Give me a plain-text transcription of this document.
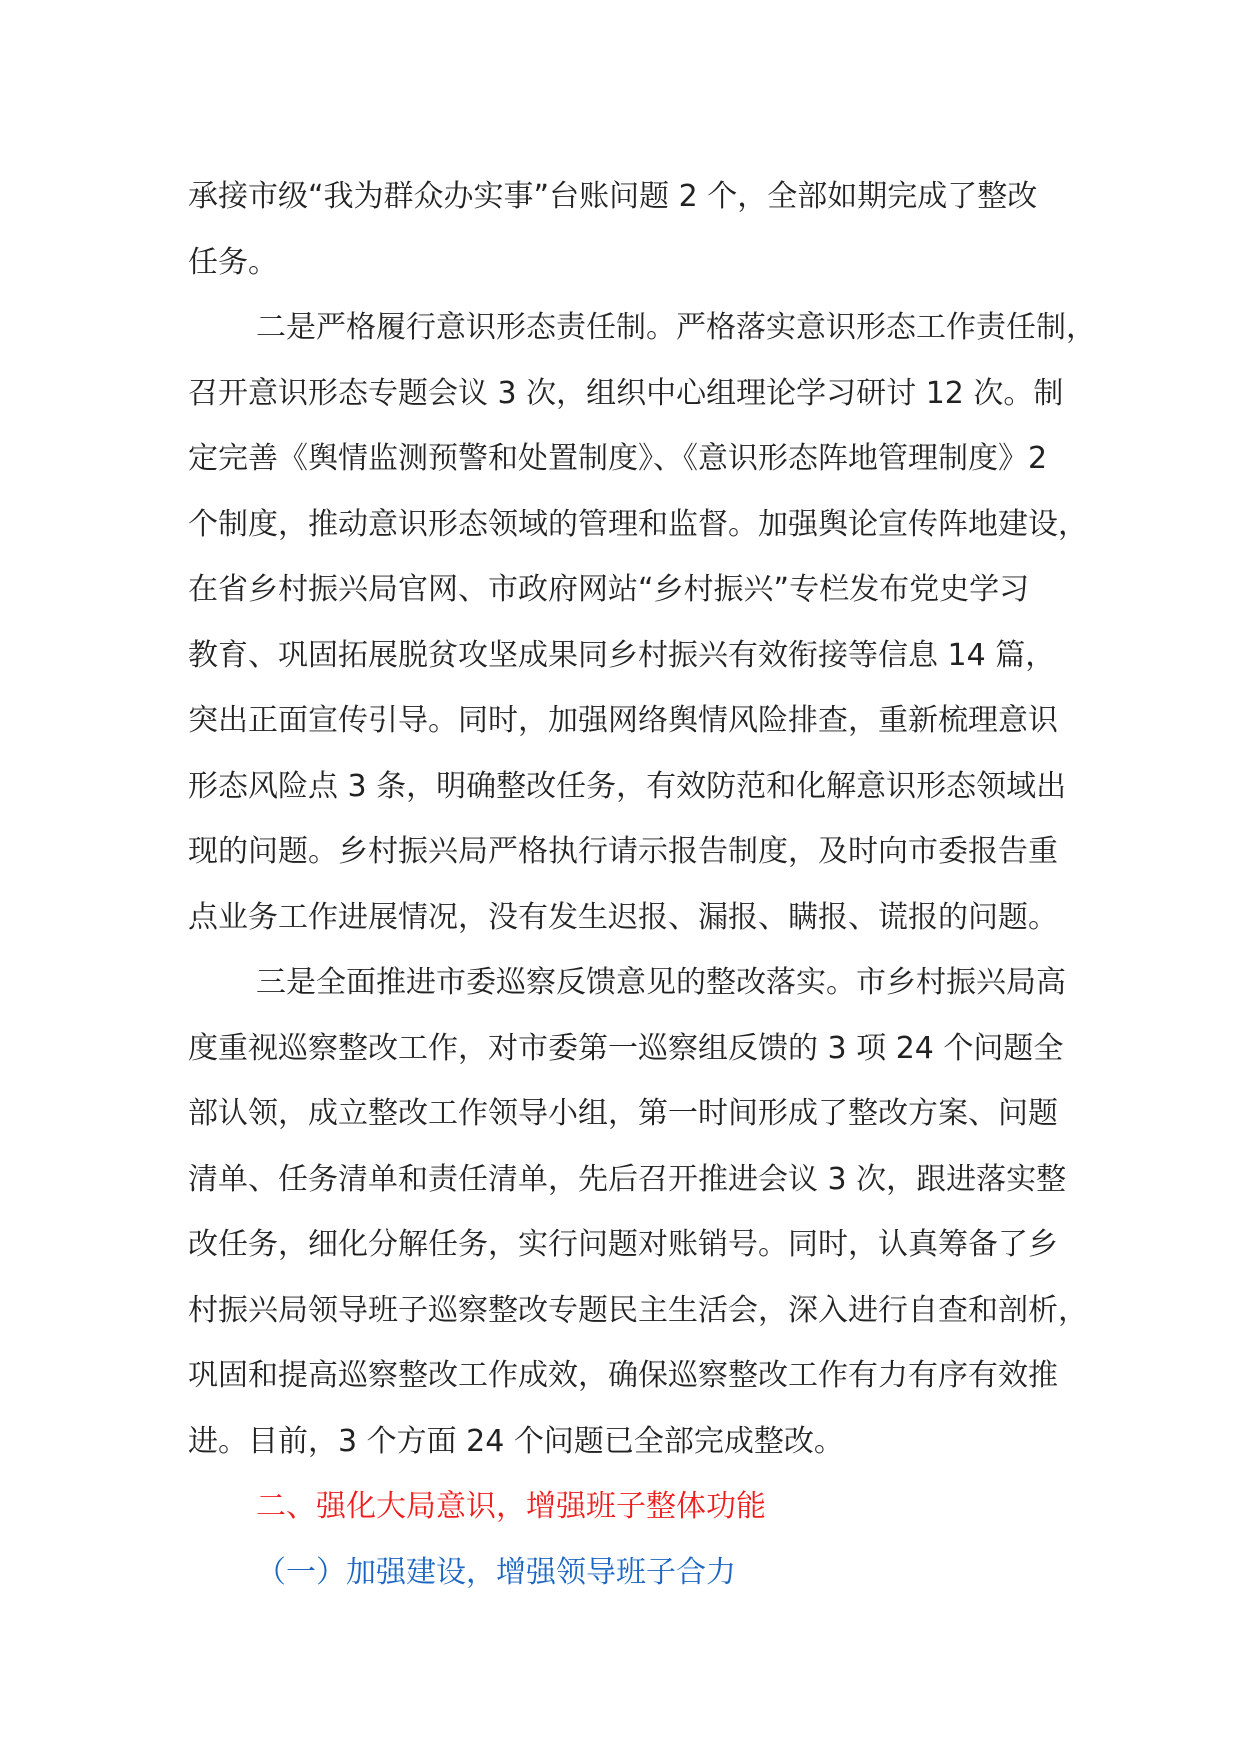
承接市级“我为群众办实事”台账问题 2 个，全部如期完成了整改
任务。
二是严格履行意识形态责任制。严格落实意识形态工作责任制，
召开意识形态专题会议 3 次，组织中心组理论学习研讨 12 次。制
定完善《舆情监测预警和处置制度》、《意识形态阵地管理制度》2
个制度，推动意识形态领域的管理和监督。加强舆论宣传阵地建设，
在省乡村振兴局官网、市政府网站“乡村振兴”专栏发布党史学习
教育、巩固拓展脱贫攻坚成果同乡村振兴有效衔接等信息 14 篇，
突出正面宣传引导。同时，加强网络舆情风险排查，重新梳理意识
形态风险点 3 条，明确整改任务，有效防范和化解意识形态领域出
现的问题。乡村振兴局严格执行请示报告制度，及时向市委报告重
点业务工作进展情况，没有发生迟报、漏报、瞒报、谎报的问题。
三是全面推进市委巡察反馈意见的整改落实。市乡村振兴局高
度重视巡察整改工作，对市委第一巡察组反馈的 3 项 24 个问题全
部认领，成立整改工作领导小组，第一时间形成了整改方案、问题
清单、任务清单和责任清单，先后召开推进会议 3 次，跟进落实整
改任务，细化分解任务，实行问题对账销号。同时，认真筹备了乡
村振兴局领导班子巡察整改专题民主生活会，深入进行自查和剖析，
巩固和提高巡察整改工作成效，确保巡察整改工作有力有序有效推
进。目前，3 个方面 24 个问题已全部完成整改。
二、强化大局意识，增强班子整体功能
（一）加强建设，增强领导班子合力
